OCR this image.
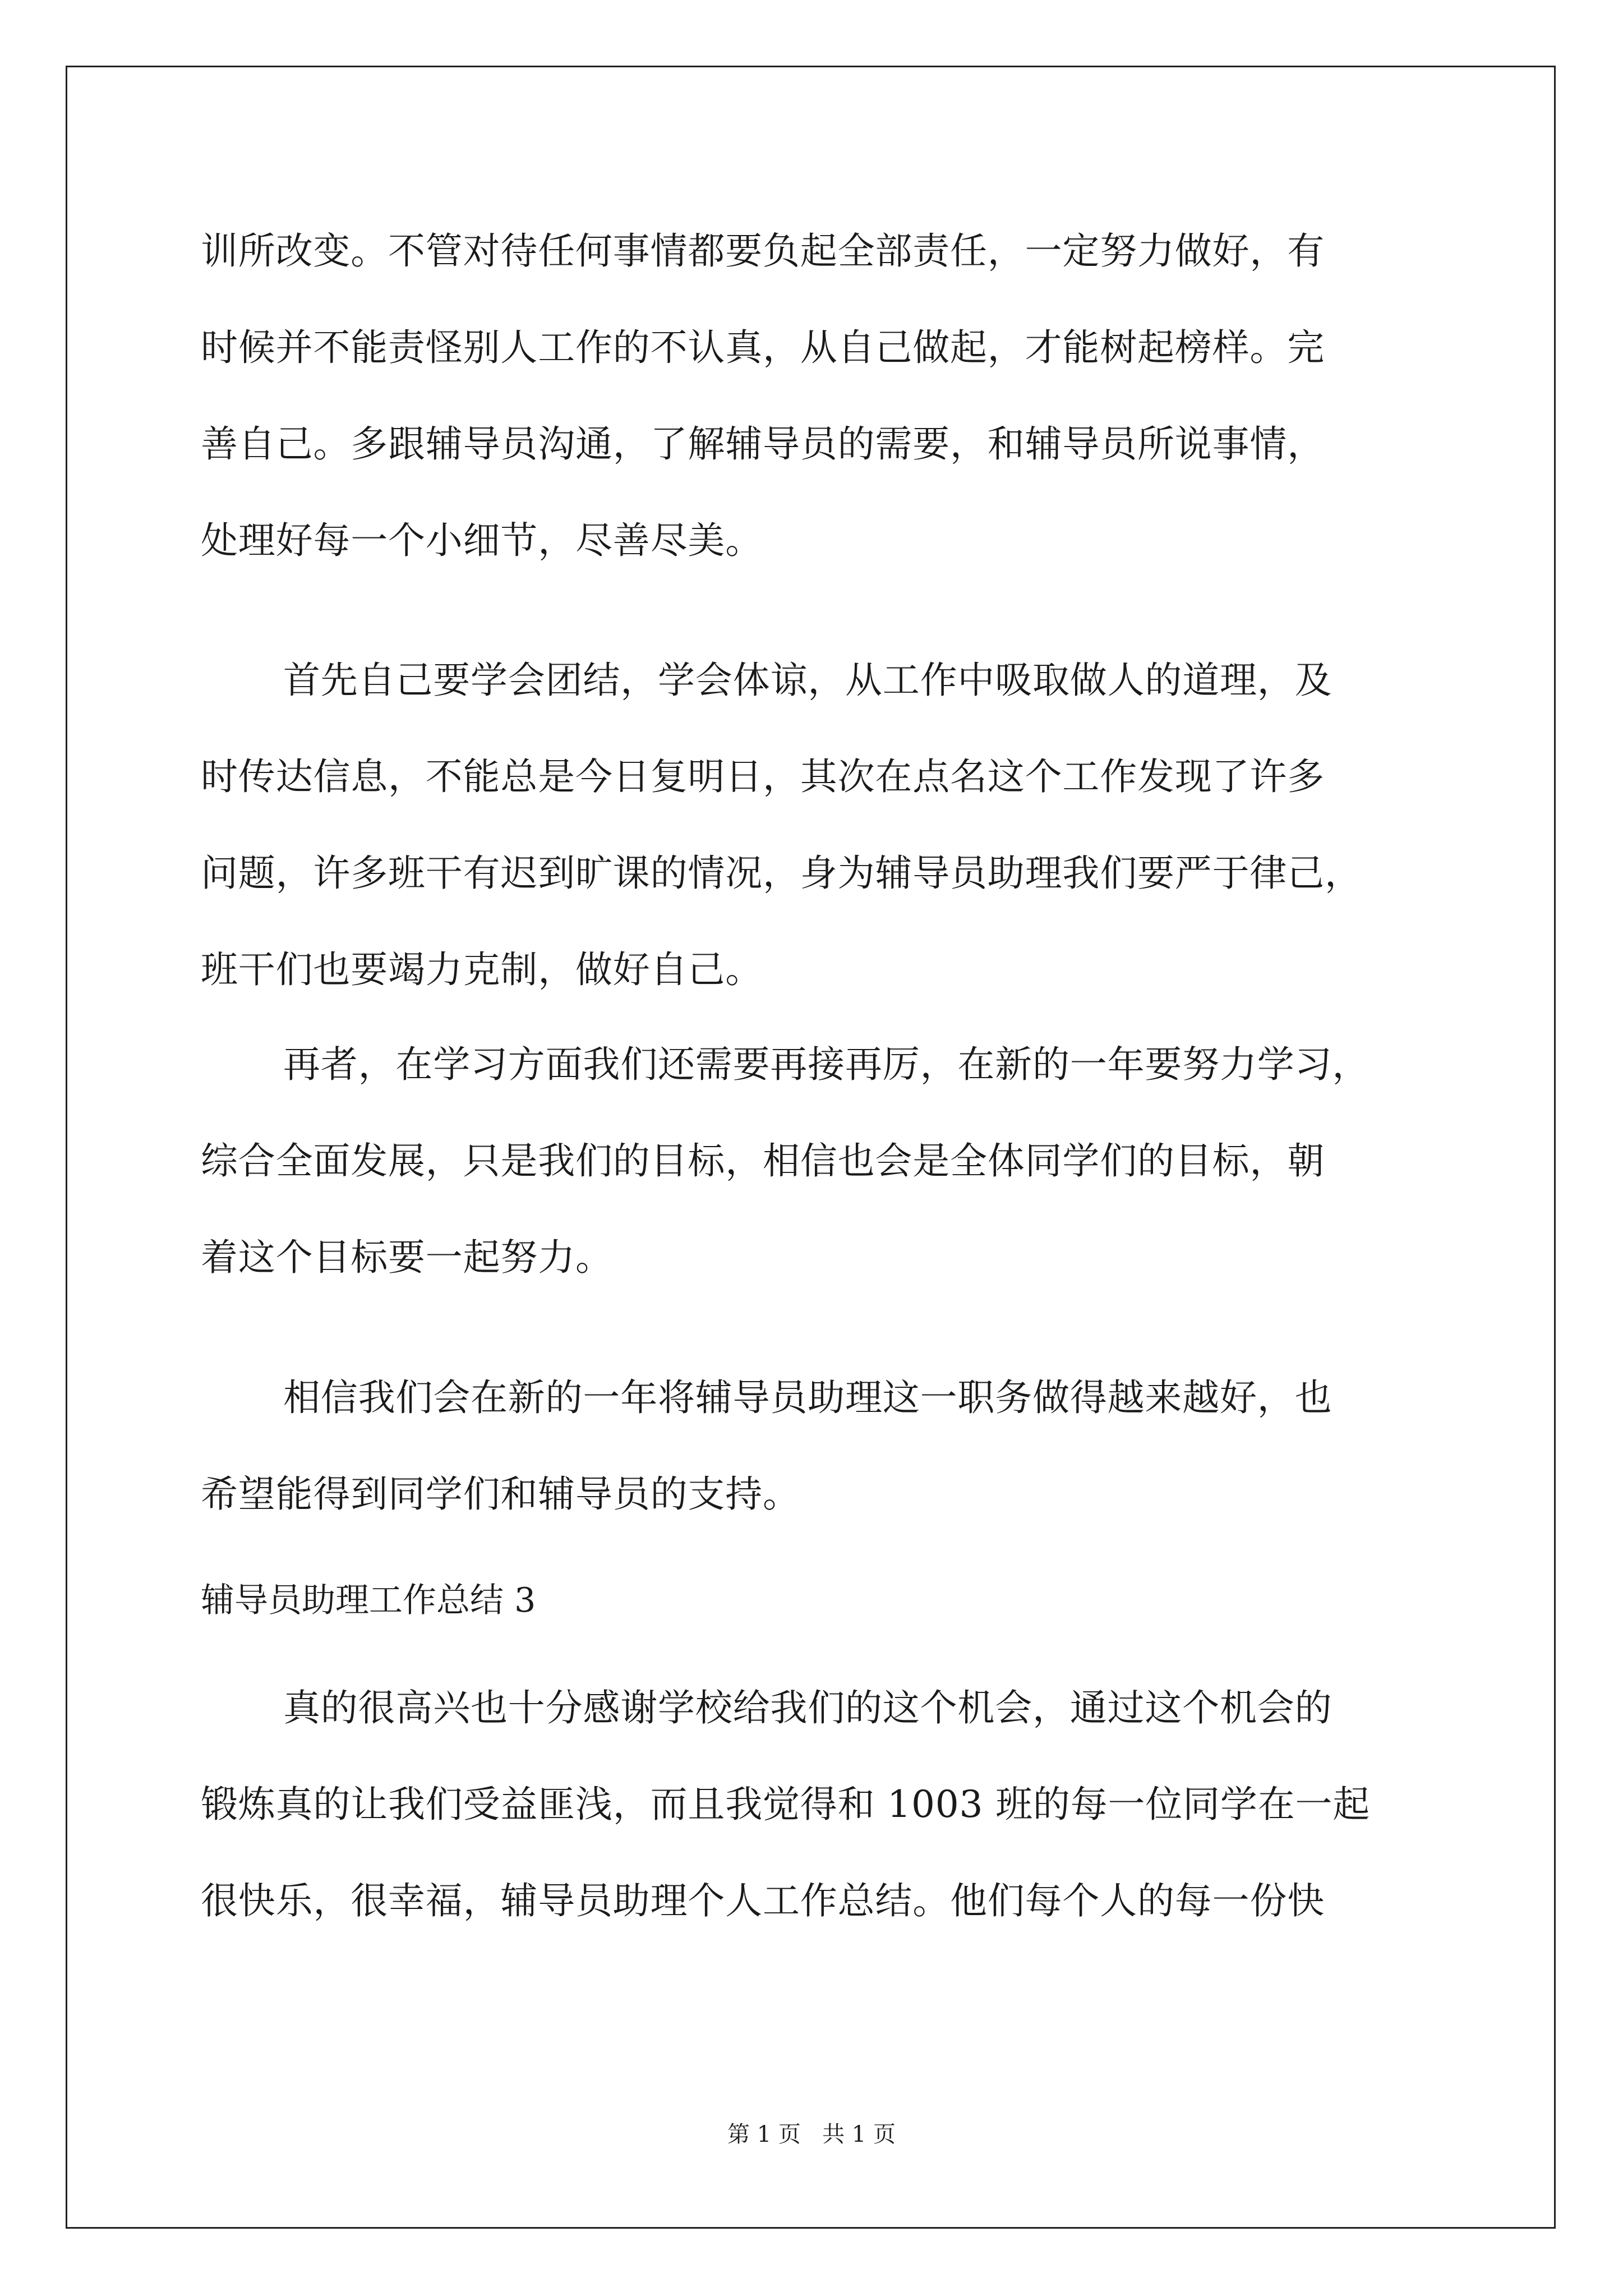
训所改变。不管对待任何事情都要负起全部责任，一定努力做好，有
时候并不能责怪别人工作的不认真，从自己做起，才能树起榜样。完
善自己。多跟辅导员沟通，了解辅导员的需要，和辅导员所说事情，
处理好每一个小细节，尽善尽美。
首先自己要学会团结，学会体谅，从工作中吸取做人的道理，及
时传达信息，不能总是今日复明日，其次在点名这个工作发现了许多
问题，许多班干有迟到旷课的情况，身为辅导员助理我们要严于律己，
班干们也要竭力克制，做好自己。
再者，在学习方面我们还需要再接再厉，在新的一年要努力学习，
综合全面发展，只是我们的目标，相信也会是全体同学们的目标，朝
着这个目标要一起努力。
相信我们会在新的一年将辅导员助理这一职务做得越来越好，也
希望能得到同学们和辅导员的支持。
辅导员助理工作总结 3
真的很高兴也十分感谢学校给我们的这个机会，通过这个机会的
锻炼真的让我们受益匪浅，而且我觉得和 1003 班的每一位同学在一起
很快乐，很幸福，辅导员助理个人工作总结。他们每个人的每一份快
第 1 页   共 1 页
